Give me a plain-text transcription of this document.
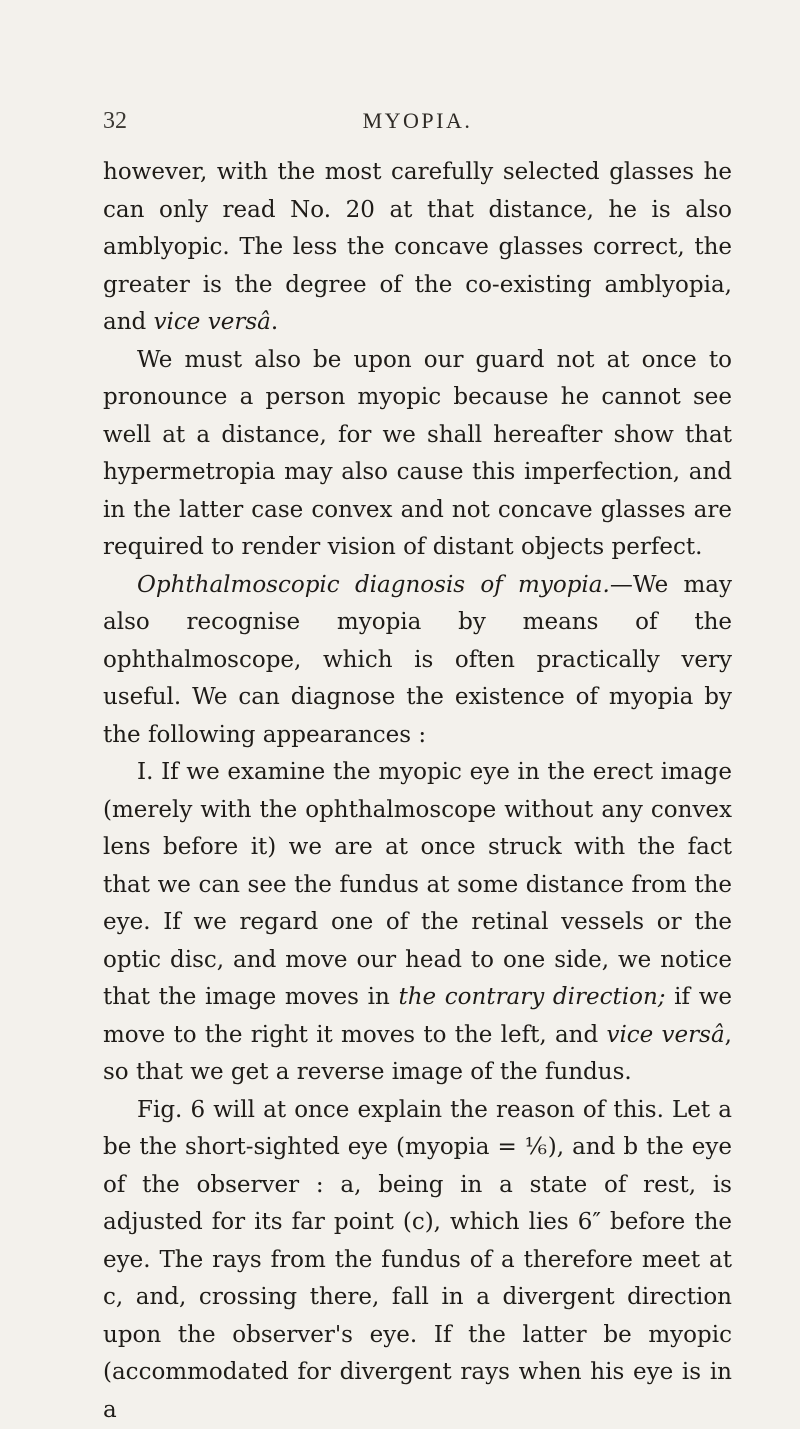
32	MYOPIA.

however, with the most carefully selected glasses he can only read No. 20 at that distance, he is also amblyopic. The less the concave glasses correct, the greater is the degree of the co-existing amblyopia, and vice versâ.

We must also be upon our guard not at once to pronounce a person myopic because he cannot see well at a distance, for we shall hereafter show that hypermetropia may also cause this imperfection, and in the latter case convex and not concave glasses are required to render vision of distant objects perfect.

Ophthalmoscopic diagnosis of myopia.—We may also recognise myopia by means of the ophthalmoscope, which is often practically very useful. We can diagnose the existence of myopia by the following appearances :

I. If we examine the myopic eye in the erect image (merely with the ophthalmoscope without any convex lens before it) we are at once struck with the fact that we can see the fundus at some distance from the eye. If we regard one of the retinal vessels or the optic disc, and move our head to one side, we notice that the image moves in the contrary direction; if we move to the right it moves to the left, and vice versâ, so that we get a reverse image of the fundus.

Fig. 6 will at once explain the reason of this. Let a be the short-sighted eye (myopia = ⅙), and b the eye of the observer : a, being in a state of rest, is adjusted for its far point (c), which lies 6″ before the eye. The rays from the fundus of a therefore meet at c, and, crossing there, fall in a divergent direction upon the observer's eye. If the latter be myopic (accommodated for divergent rays when his eye is in a
